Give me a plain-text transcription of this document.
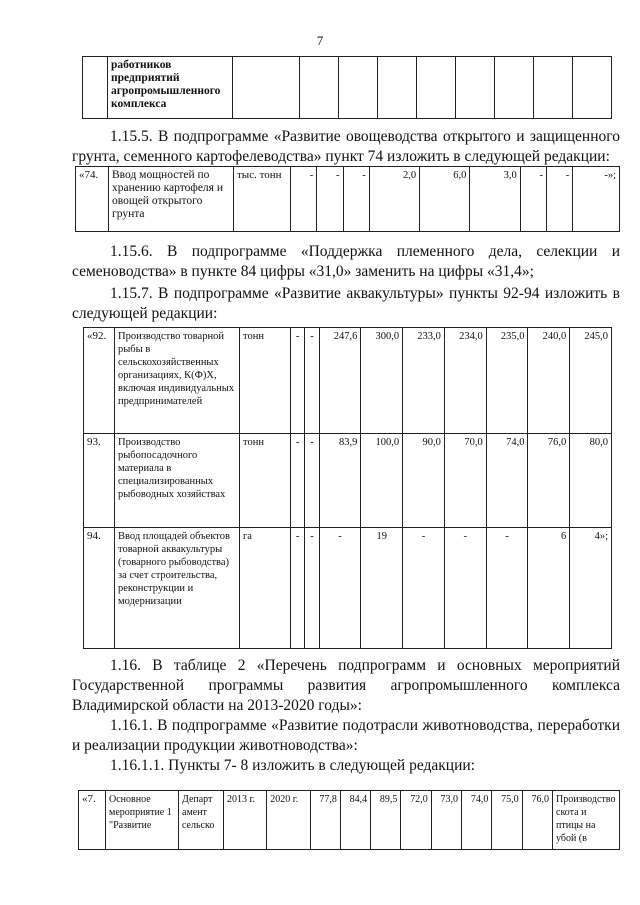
7
	работников предприятий агропромышленного комплекса									

1.15.5. В подпрограмме «Развитие овощеводства открытого и защищенного грунта, семенного картофелеводства» пункт 74 изложить в следующей редакции:

«74.	Ввод мощностей по хранению картофеля и овощей открытого грунта	тыс. тонн	-	-	-	2,0	6,0	3,0	-	-	-»;

1.15.6. В подпрограмме «Поддержка племенного дела, селекции и семеноводства» в пункте 84 цифры «31,0» заменить на цифры «31,4»;

1.15.7. В подпрограмме «Развитие аквакультуры» пункты 92-94 изложить в следующей редакции:

«92.	Производство товарной рыбы в сельскохозяйственных организациях, К(Ф)Х, включая индивидуальных предпринимателей	тонн	-	-	247,6	300,0	233,0	234,0	235,0	240,0	245,0
93.	Производство рыбопосадочного материала в специализированных рыбоводных хозяйствах	тонн	-	-	83,9	100,0	90,0	70,0	74,0	76,0	80,0
94.	Ввод площадей объектов товарной аквакультуры (товарного рыбоводства) за счет строительства, реконструкции и модернизации	га	-	-	-	19	-	-	-	6	4»;

1.16. В таблице 2 «Перечень подпрограмм и основных мероприятий Государственной программы развития агропромышленного комплекса Владимирской области на 2013-2020 годы»:

1.16.1. В подпрограмме «Развитие подотрасли животноводства, переработки и реализации продукции животноводства»:

1.16.1.1. Пункты 7- 8 изложить в следующей редакции:

«7.	Основное мероприятие 1 "Развитие	Департ амент сельско	2013 г.	2020 г.	77,8	84,4	89,5	72,0	73,0	74,0	75,0	76,0	Производство скота и птицы на убой (в
